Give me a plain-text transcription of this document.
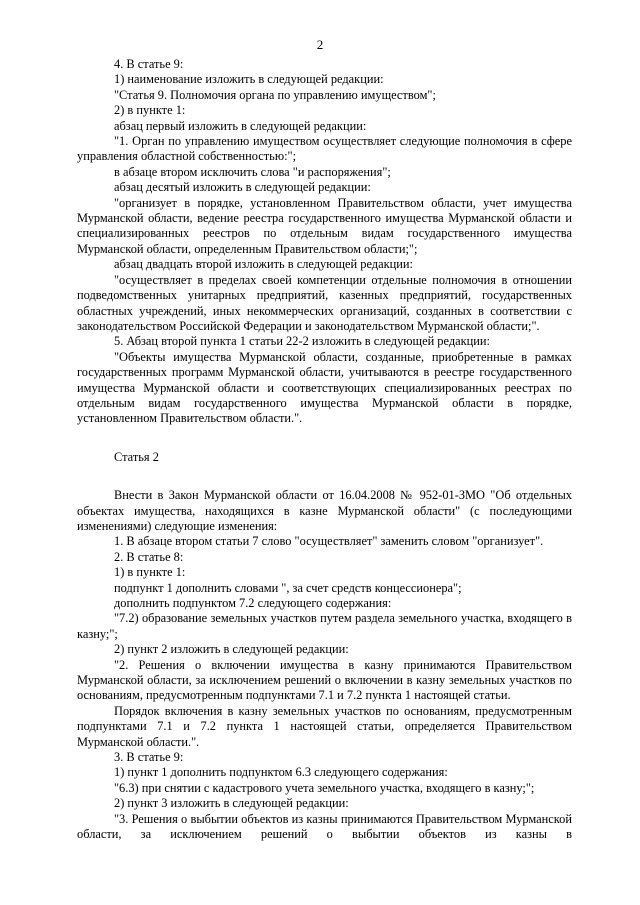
2

4. В статье 9:

1) наименование изложить в следующей редакции:

"Статья 9. Полномочия органа по управлению имуществом";

2) в пункте 1:

абзац первый изложить в следующей редакции:

"1. Орган по управлению имуществом осуществляет следующие полномочия в сфере управления областной собственностью:";

в абзаце втором исключить слова "и распоряжения";

абзац десятый изложить в следующей редакции:

"организует в порядке, установленном Правительством области, учет имущества Мурманской области, ведение реестра государственного имущества Мурманской области и специализированных реестров по отдельным видам государственного имущества Мурманской области, определенным Правительством области;";

абзац двадцать второй изложить в следующей редакции:

"осуществляет в пределах своей компетенции отдельные полномочия в отношении подведомственных унитарных предприятий, казенных предприятий, государственных областных учреждений, иных некоммерческих организаций, созданных в соответствии с законодательством Российской Федерации и законодательством Мурманской области;".

5. Абзац второй пункта 1 статьи 22-2 изложить в следующей редакции:

"Объекты имущества Мурманской области, созданные, приобретенные в рамках государственных программ Мурманской области, учитываются в реестре государственного имущества Мурманской области и соответствующих специализированных реестрах по отдельным видам государственного имущества Мурманской области в порядке, установленном Правительством области.".

Статья 2

Внести в Закон Мурманской области от 16.04.2008 № 952-01-ЗМО "Об отдельных объектах имущества, находящихся в казне Мурманской области" (с последующими изменениями) следующие изменения:

1. В абзаце втором статьи 7 слово "осуществляет" заменить словом "организует".

2. В статье 8:

1) в пункте 1:

подпункт 1 дополнить словами ", за счет средств концессионера";

дополнить подпунктом 7.2 следующего содержания:

"7.2) образование земельных участков путем раздела земельного участка, входящего в казну;";

2) пункт 2 изложить в следующей редакции:

"2. Решения о включении имущества в казну принимаются Правительством Мурманской области, за исключением решений о включении в казну земельных участков по основаниям, предусмотренным подпунктами 7.1 и 7.2 пункта 1 настоящей статьи.

Порядок включения в казну земельных участков по основаниям, предусмотренным подпунктами 7.1 и 7.2 пункта 1 настоящей статьи, определяется Правительством Мурманской области.".

3. В статье 9:

1) пункт 1 дополнить подпунктом 6.3 следующего содержания:

"6.3) при снятии с кадастрового учета земельного участка, входящего в казну;";

2) пункт 3 изложить в следующей редакции:

"3. Решения о выбытии объектов из казны принимаются Правительством Мурманской области, за исключением решений о выбытии объектов из казны в
